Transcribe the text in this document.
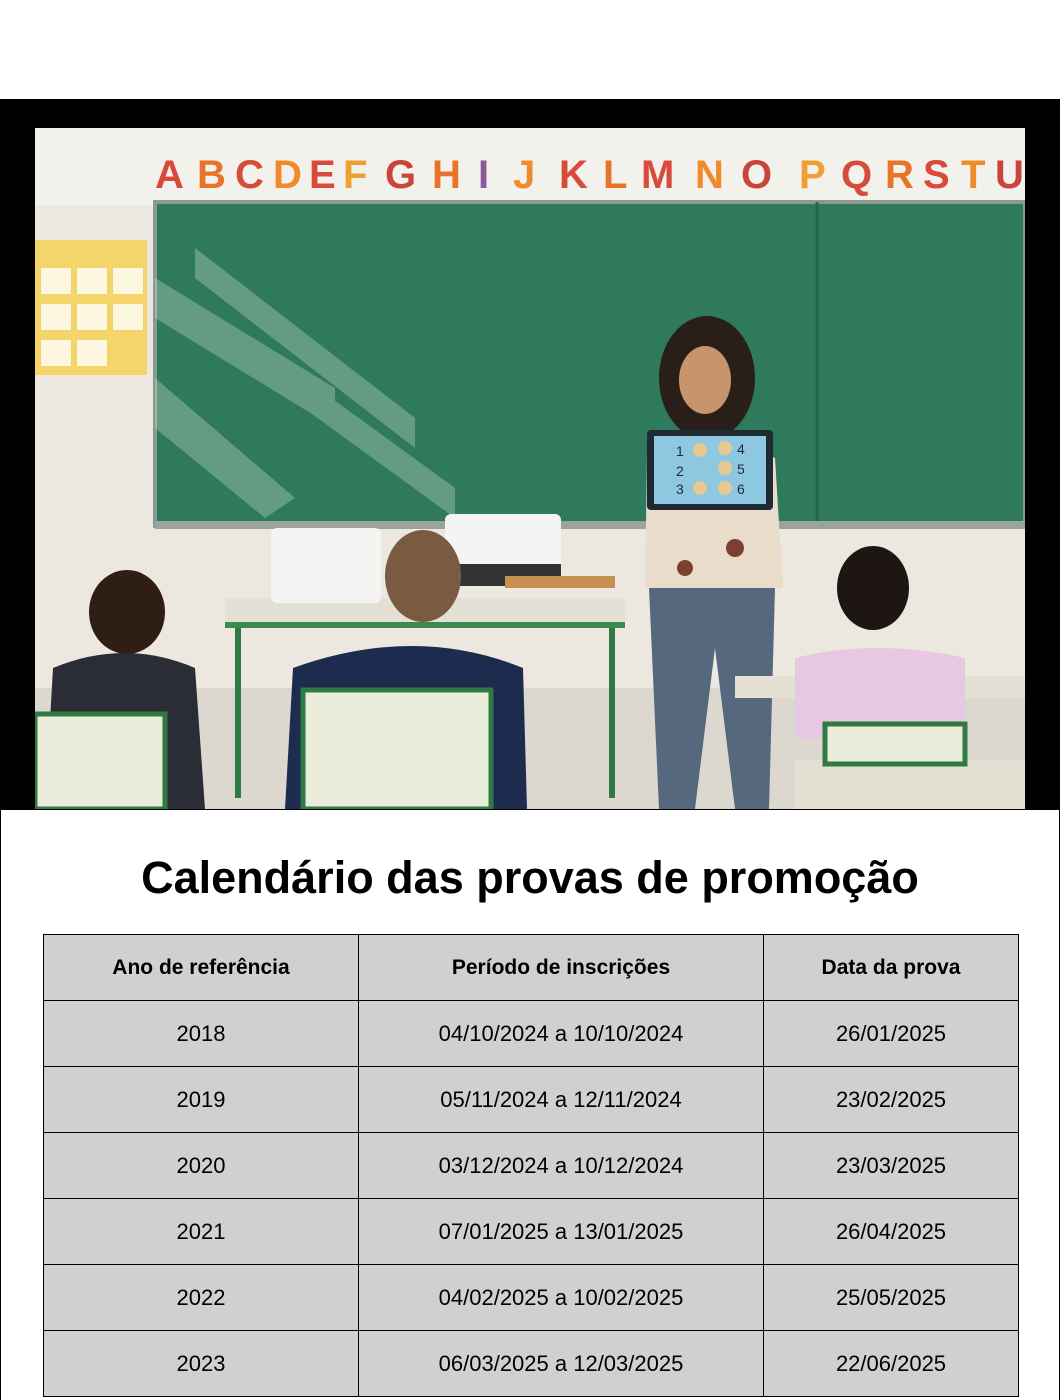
A B C D E F G H I J K L M N O P Q R S T U
1
2
3
4
5
6
Calendário das provas de promoção
Ano de referência	Período de inscrições	Data da prova
2018	04/10/2024 a 10/10/2024	26/01/2025
2019	05/11/2024 a 12/11/2024	23/02/2025
2020	03/12/2024 a 10/12/2024	23/03/2025
2021	07/01/2025 a 13/01/2025	26/04/2025
2022	04/02/2025 a 10/02/2025	25/05/2025
2023	06/03/2025 a 12/03/2025	22/06/2025
